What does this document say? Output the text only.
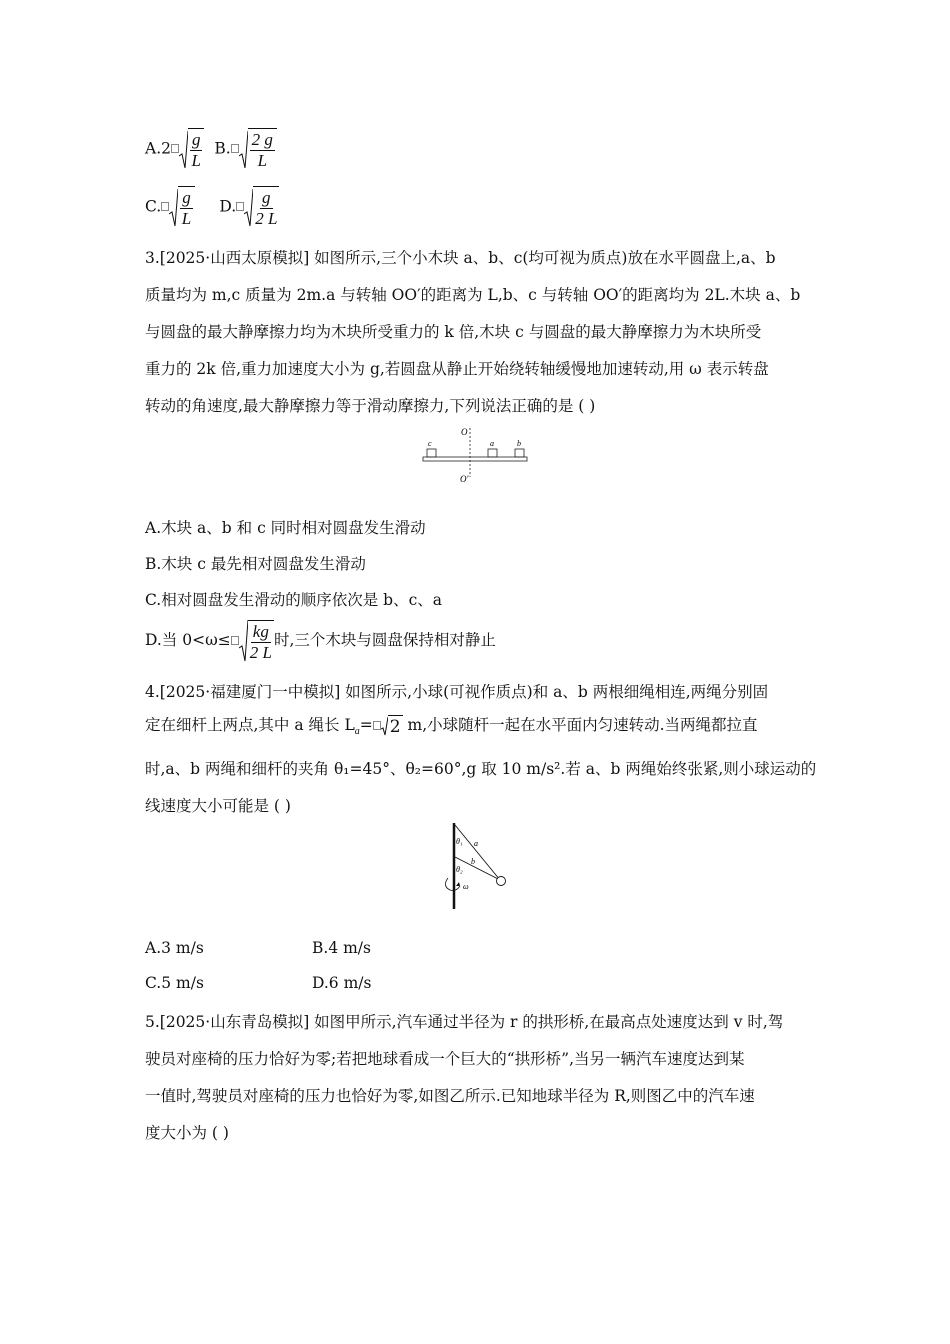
$A.2 \frac{g}{L} B$. $\frac{2 g}{L}$
C. $\frac{g}{L} D$. $\frac{g}{2 L}$
3.[2025·山西太原模拟] 如图所示,三个小木块 a、b、c(均可视为质点)放在水平圆盘上,a、b
质量均为 m,c 质量为 2m.a 与转轴 OO′的距离为 L,b、c 与转轴 OO′的距离均为 2L.木块 a、b
与圆盘的最大静摩擦力均为木块所受重力的 k 倍,木块 c 与圆盘的最大静摩擦力为木块所受
重力的 2k 倍,重力加速度大小为 g,若圆盘从静止开始绕转轴缓慢地加速转动,用 ω 表示转盘
转动的角速度,最大静摩擦力等于滑动摩擦力,下列说法正确的是 ( )
O
c	a	b
O′
A.木块 a、b 和 c 同时相对圆盘发生滑动
B.木块 c 最先相对圆盘发生滑动
C.相对圆盘发生滑动的顺序依次是 b、c、a
D.当 $0<\omega\le \frac{kg}{2 L}$ 时,三个木块与圆盘保持相对静止
4.[2025·福建厦门一中模拟] 如图所示,小球(可视作质点)和 a、b 两根细绳相连,两绳分别固
定在细杆上两点,其中 a 绳长 $L_a= 2$ m,小球随杆一起在水平面内匀速转动.当两绳都拉直
时,a、b 两绳和细杆的夹角 θ₁=45°、θ₂=60°,g 取 10 m/s².若 a、b 两绳始终张紧,则小球运动的
线速度大小可能是 ( )
θ₁ a
b
θ₂
ω
A.3 m/s	B.4 m/s
C.5 m/s	D.6 m/s
5.[2025·山东青岛模拟] 如图甲所示,汽车通过半径为 r 的拱形桥,在最高点处速度达到 v 时,驾
驶员对座椅的压力恰好为零;若把地球看成一个巨大的“拱形桥”,当另一辆汽车速度达到某
一值时,驾驶员对座椅的压力也恰好为零,如图乙所示.已知地球半径为 R,则图乙中的汽车速
度大小为 ( )
